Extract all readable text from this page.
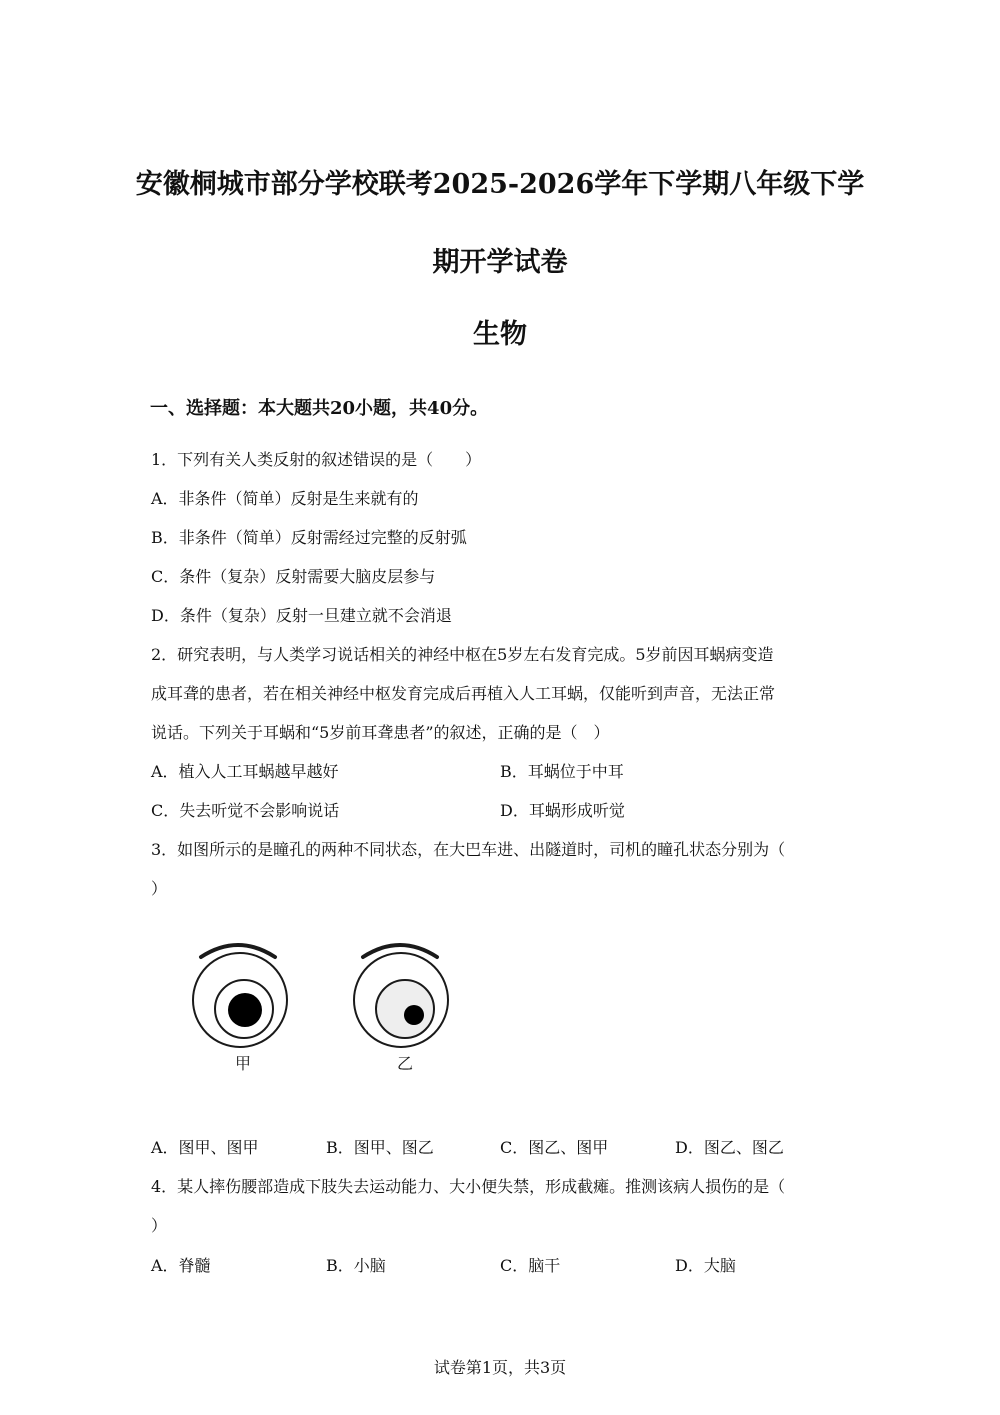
安徽桐城市部分学校联考2025-2026学年下学期八年级下学
期开学试卷
生物
一、选择题：本大题共20小题，共40分。
1．下列有关人类反射的叙述错误的是（　　）
A．非条件（简单）反射是生来就有的
B．非条件（简单）反射需经过完整的反射弧
C．条件（复杂）反射需要大脑皮层参与
D．条件（复杂）反射一旦建立就不会消退
2．研究表明，与人类学习说话相关的神经中枢在5岁左右发育完成。5岁前因耳蜗病变造
成耳聋的患者，若在相关神经中枢发育完成后再植入人工耳蜗，仅能听到声音，无法正常
说话。下列关于耳蜗和“5岁前耳聋患者”的叙述，正确的是（　）
A．植入人工耳蜗越早越好	B．耳蜗位于中耳
C．失去听觉不会影响说话	D．耳蜗形成听觉
3．如图所示的是瞳孔的两种不同状态，在大巴车进、出隧道时，司机的瞳孔状态分别为（
）
甲	乙
A．图甲、图甲	B．图甲、图乙	C．图乙、图甲	D．图乙、图乙
4．某人摔伤腰部造成下肢失去运动能力、大小便失禁，形成截瘫。推测该病人损伤的是（
）
A．脊髓	B．小脑	C．脑干	D．大脑
试卷第1页，共3页
